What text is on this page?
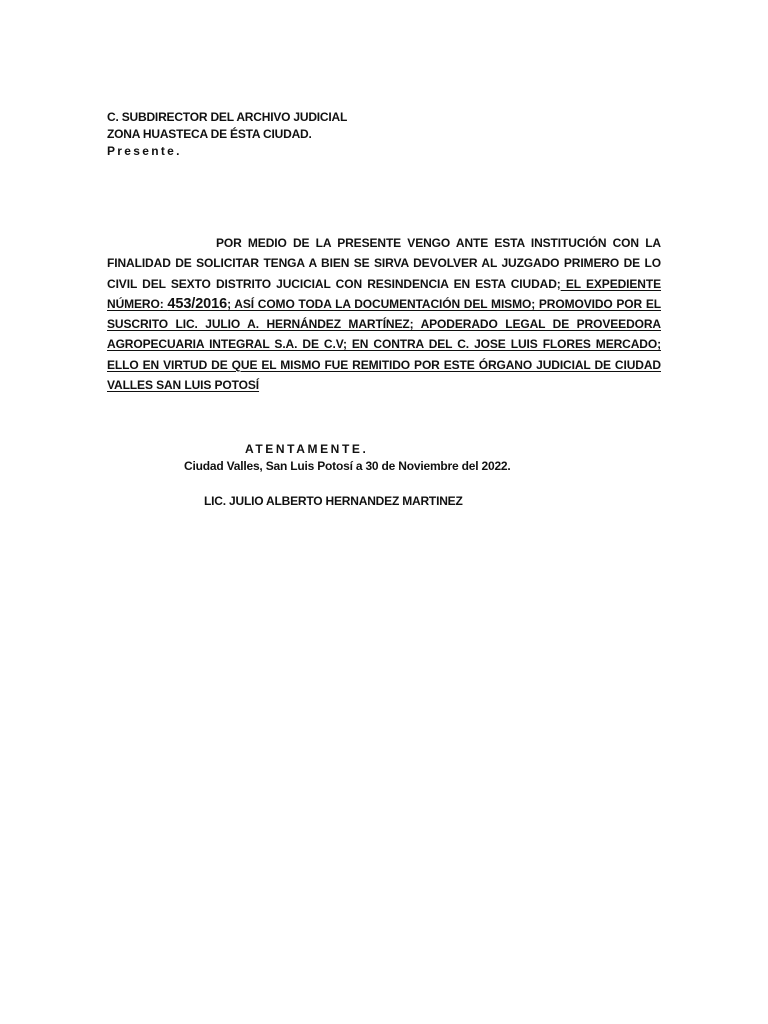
C. SUBDIRECTOR DEL ARCHIVO JUDICIAL
ZONA HUASTECA DE ÉSTA CIUDAD.
Presente.
POR MEDIO DE LA PRESENTE VENGO ANTE ESTA INSTITUCIÓN CON LA FINALIDAD DE SOLICITAR TENGA A BIEN SE SIRVA DEVOLVER AL JUZGADO PRIMERO DE LO CIVIL DEL SEXTO DISTRITO JUCICIAL CON RESINDENCIA EN ESTA CIUDAD; EL EXPEDIENTE NÚMERO: 453/2016; ASÍ COMO TODA LA DOCUMENTACIÓN DEL MISMO; PROMOVIDO POR EL SUSCRITO LIC. JULIO A. HERNÁNDEZ MARTÍNEZ; APODERADO LEGAL DE PROVEEDORA AGROPECUARIA INTEGRAL S.A. DE C.V; EN CONTRA DEL C. JOSE LUIS FLORES MERCADO; ELLO EN VIRTUD DE QUE EL MISMO FUE REMITIDO POR ESTE ÓRGANO JUDICIAL DE CIUDAD VALLES SAN LUIS POTOSÍ
ATENTAMENTE.
Ciudad Valles, San Luis Potosí a 30 de Noviembre del 2022.
LIC. JULIO ALBERTO HERNANDEZ MARTINEZ
